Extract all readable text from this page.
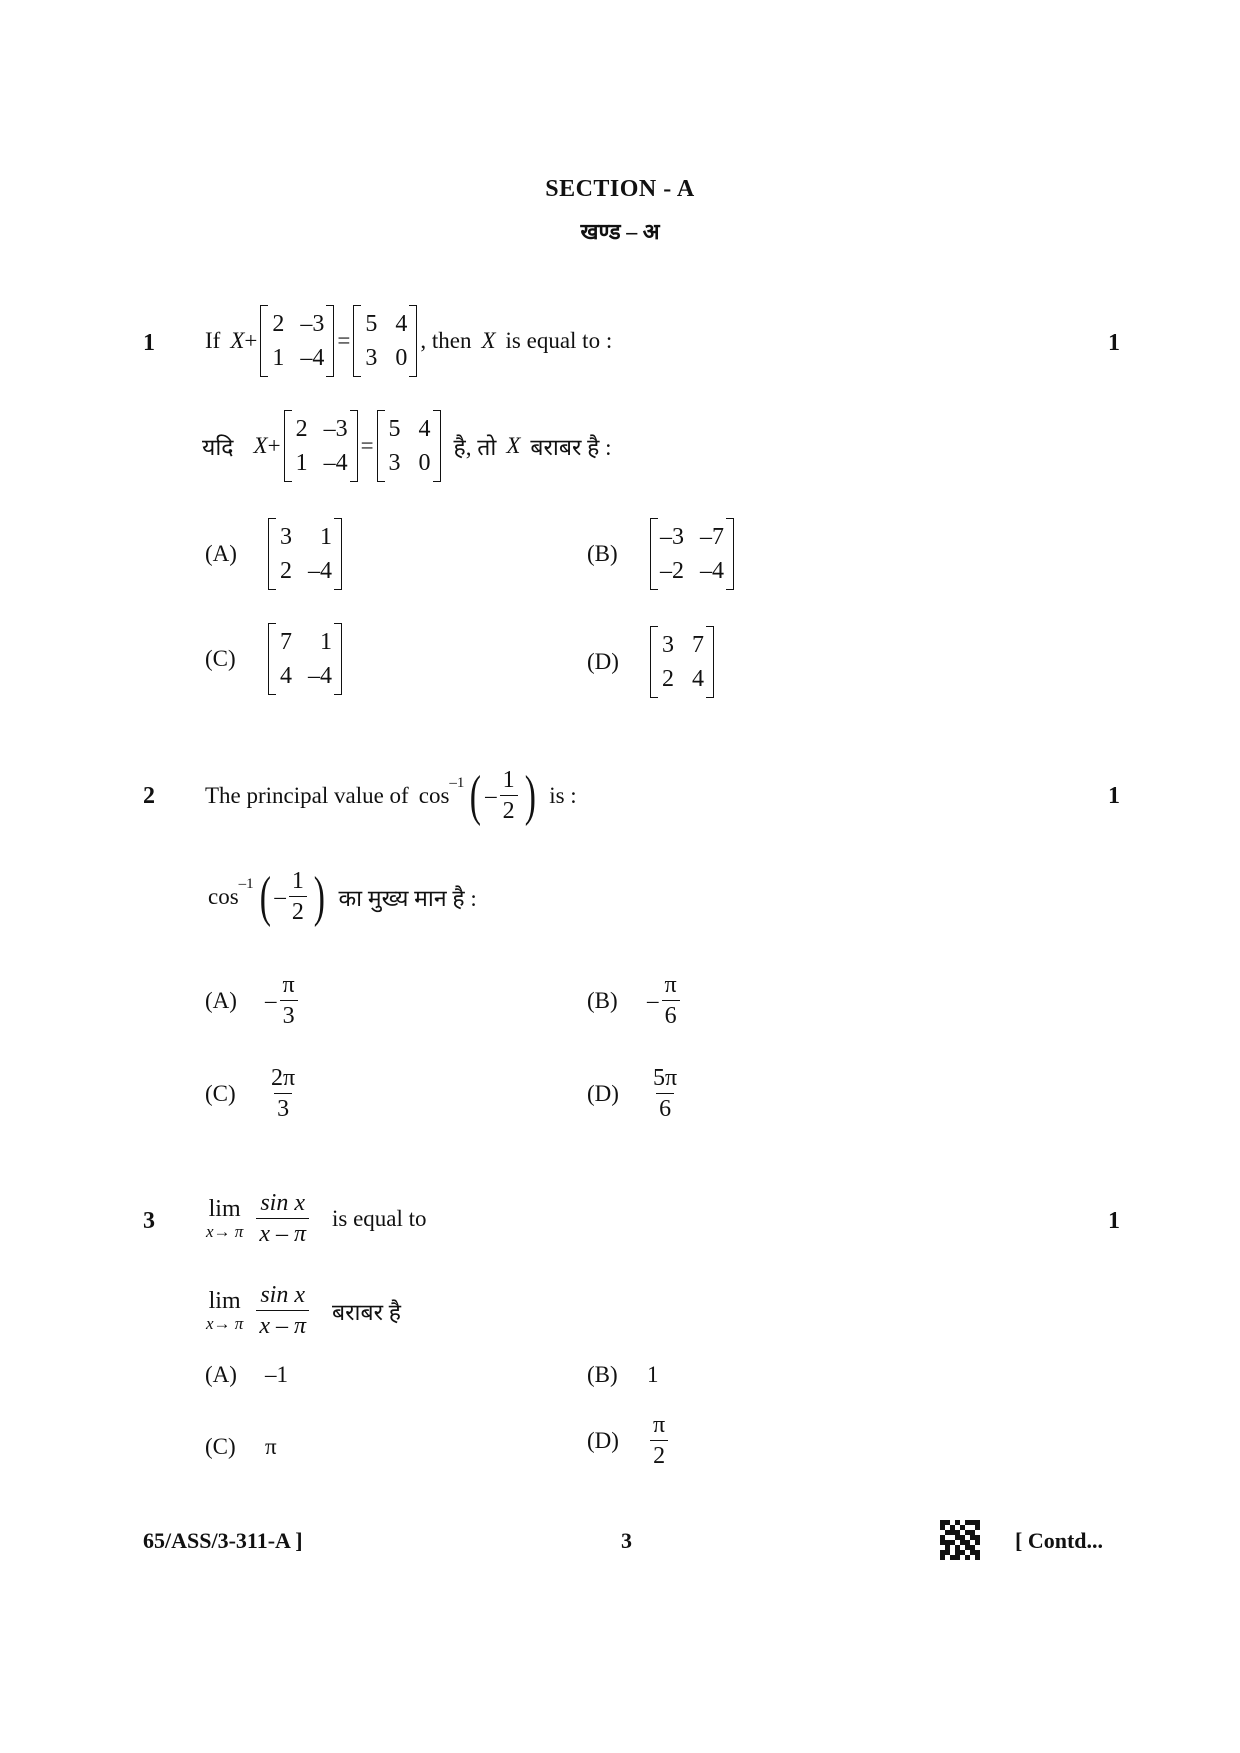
SECTION - A
खण्ड – अ
1	1
If X +
2 –3
1 –4
=
5 4
3 0
, then X is equal to :
यदि X +
2 –3
1 –4
=
5 4
3 0
है, तो X बराबर है :
(A)
3	1
2 –4
(B)
–3 –7
–2 –4
(C)
7	1
4 –4
(D)
3 7
2 4
2	1
The principal value of $\cos^{-1}$ ( – $\frac{1}{2}$ ) is :
$\cos^{-1}$ ( – $\frac{1}{2}$ ) का मुख्य मान है :
(A)	– $\frac{\pi}{3}$	(B)	– $\frac{\pi}{6}$
(C)	$\frac{2\pi}{3}$	(D)	$\frac{5\pi}{6}$
3	1
lim
x→ π $\frac{\text{sin x}}{x - \pi}$ is equal to
lim
x→ π $\frac{\text{sin x}}{x - \pi}$ बराबर है
(A)	–1	(B)	1
(C)	π	(D)	$\frac{\pi}{2}$
65/ASS/3-311-A ]	3	[ Contd...
